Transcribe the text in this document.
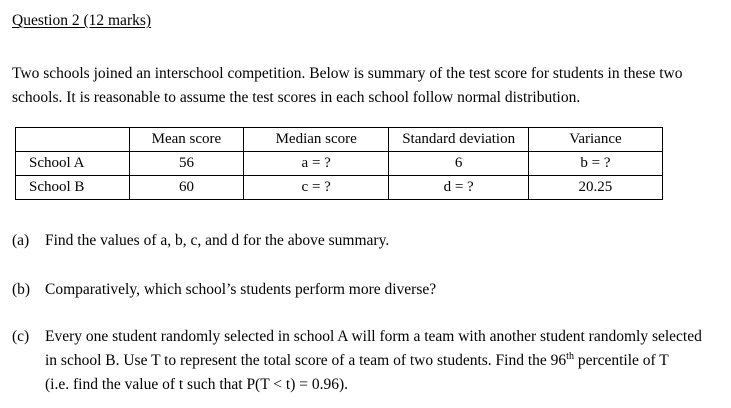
Question 2 (12 marks)
Two schools joined an interschool competition. Below is summary of the test score for students in these two
schools. It is reasonable to assume the test scores in each school follow normal distribution.
	Mean score	Median score	Standard deviation	Variance
School A	56	a = ?	6	b = ?
School B	60	c = ?	d = ?	20.25
(a) Find the values of a, b, c, and d for the above summary.
(b) Comparatively, which school’s students perform more diverse?
(c) Every one student randomly selected in school A will form a team with another student randomly selected
in school B. Use T to represent the total score of a team of two students. Find the 96th percentile of T
(i.e. find the value of t such that P(T < t) = 0.96).
